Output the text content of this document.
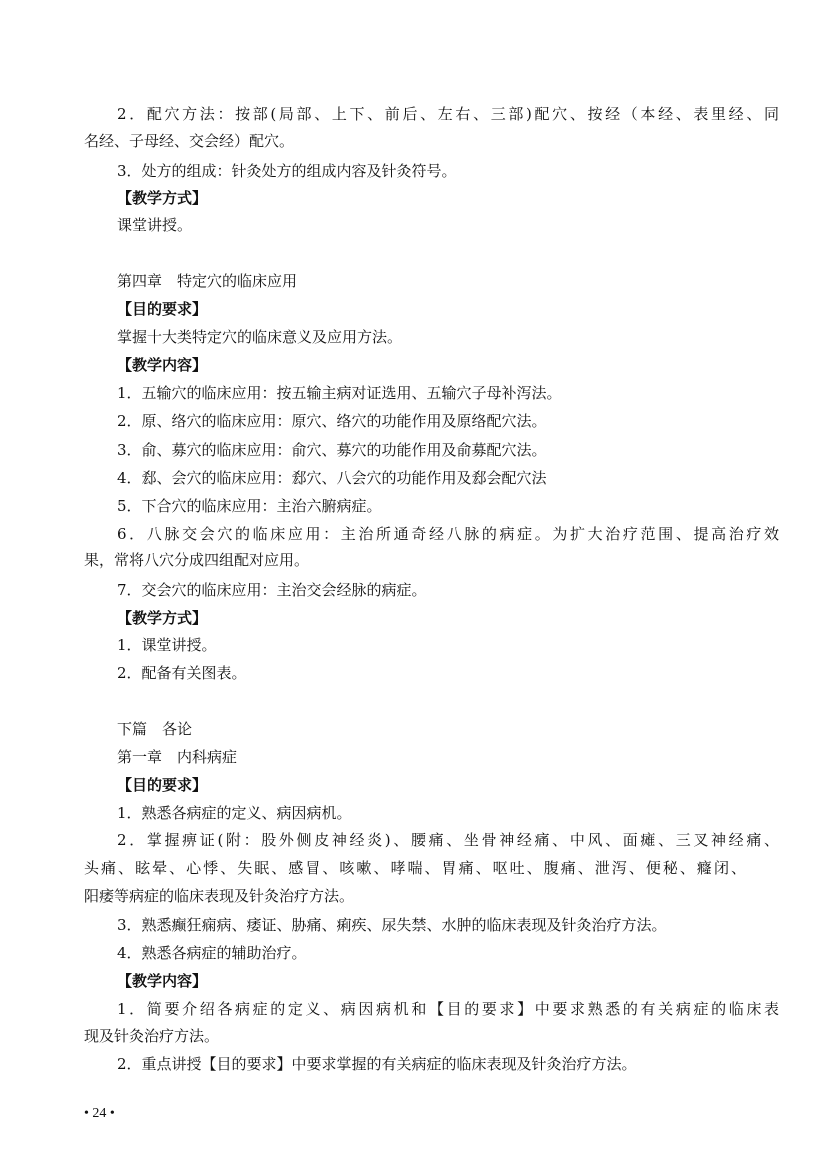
2．配穴方法：按部(局部、上下、前后、左右、三部)配穴、按经（本经、表里经、同
名经、子母经、交会经）配穴。
3．处方的组成：针灸处方的组成内容及针灸符号。
【教学方式】
课堂讲授。
第四章　特定穴的临床应用
【目的要求】
掌握十大类特定穴的临床意义及应用方法。
【教学内容】
1．五输穴的临床应用：按五输主病对证选用、五输穴子母补泻法。
2．原、络穴的临床应用：原穴、络穴的功能作用及原络配穴法。
3．俞、募穴的临床应用：俞穴、募穴的功能作用及俞募配穴法。
4．郄、会穴的临床应用：郄穴、八会穴的功能作用及郄会配穴法
5．下合穴的临床应用：主治六腑病症。
6．八脉交会穴的临床应用：主治所通奇经八脉的病症。为扩大治疗范围、提高治疗效
果，常将八穴分成四组配对应用。
7．交会穴的临床应用：主治交会经脉的病症。
【教学方式】
1．课堂讲授。
2．配备有关图表。
下篇　各论
第一章　内科病症
【目的要求】
1．熟悉各病症的定义、病因病机。
2．掌握痹证(附：股外侧皮神经炎)、腰痛、坐骨神经痛、中风、面瘫、三叉神经痛、
头痛、眩晕、心悸、失眠、感冒、咳嗽、哮喘、胃痛、呕吐、腹痛、泄泻、便秘、癃闭、
阳痿等病症的临床表现及针灸治疗方法。
3．熟悉癫狂痫病、痿证、胁痛、痢疾、尿失禁、水肿的临床表现及针灸治疗方法。
4．熟悉各病症的辅助治疗。
【教学内容】
1．简要介绍各病症的定义、病因病机和【目的要求】中要求熟悉的有关病症的临床表
现及针灸治疗方法。
2．重点讲授【目的要求】中要求掌握的有关病症的临床表现及针灸治疗方法。
• 24 •
